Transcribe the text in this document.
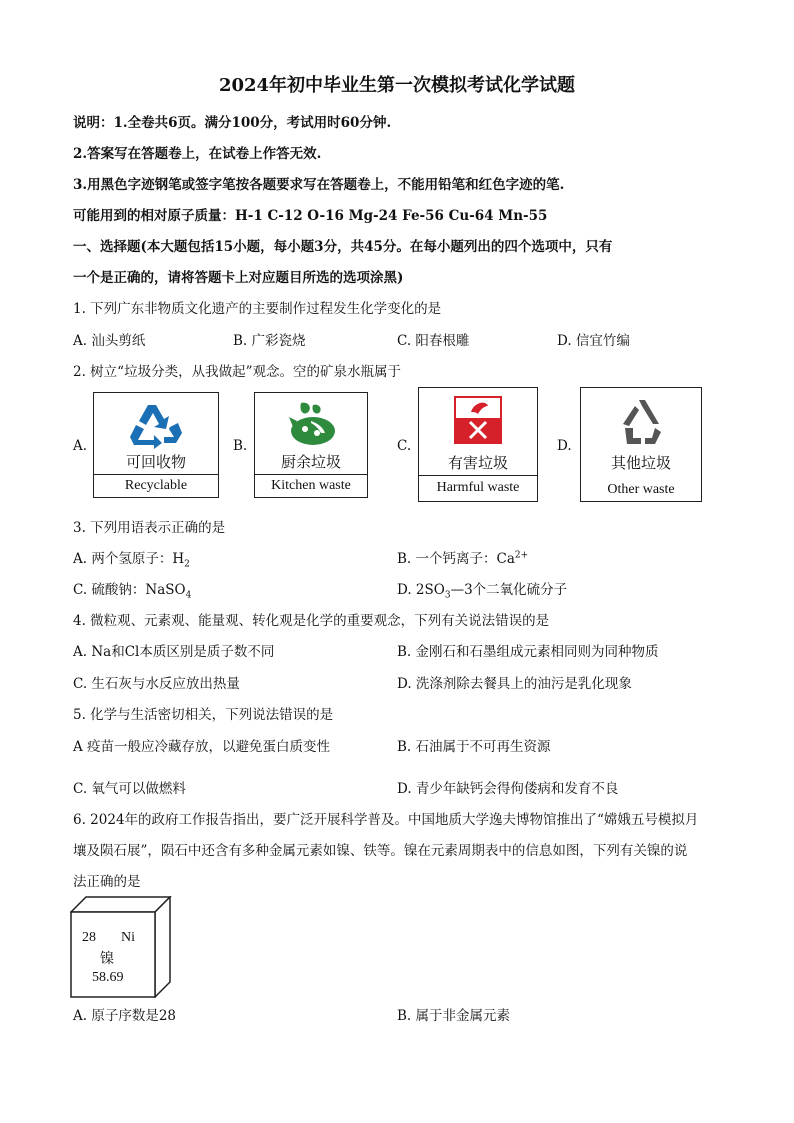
2024年初中毕业生第一次模拟考试化学试题
说明：1.全卷共6页。满分100分，考试用时60分钟.
2.答案写在答题卷上，在试卷上作答无效.
3.用黑色字迹钢笔或签字笔按各题要求写在答题卷上，不能用铅笔和红色字迹的笔.
可能用到的相对原子质量：H-1 C-12 O-16 Mg-24 Fe-56 Cu-64 Mn-55
一、选择题(本大题包括15小题，每小题3分，共45分。在每小题列出的四个选项中，只有
一个是正确的，请将答题卡上对应题目所选的选项涂黑)
1. 下列广东非物质文化遗产的主要制作过程发生化学变化的是
A. 汕头剪纸	B. 广彩瓷烧	C. 阳春根雕	D. 信宜竹编
2. 树立“垃圾分类，从我做起”观念。空的矿泉水瓶属于
A.	B.	C.	D.
可回收物
Recyclable
厨余垃圾
Kitchen waste
有害垃圾
Harmful waste
其他垃圾
Other waste
3. 下列用语表示正确的是
A. 两个氢原子：$H_2$	B. 一个钙离子：$Ca^{2+}$
C. 硫酸钠：NaSO$_4$	D. $2SO_3—3$个二氧化硫分子
4. 微粒观、元素观、能量观、转化观是化学的重要观念，下列有关说法错误的是
A. Na和Cl本质区别是质子数不同	B. 金刚石和石墨组成元素相同则为同种物质
C. 生石灰与水反应放出热量	D. 洗涤剂除去餐具上的油污是乳化现象
5. 化学与生活密切相关，下列说法错误的是
A 疫苗一般应冷藏存放，以避免蛋白质变性	B. 石油属于不可再生资源
C. 氧气可以做燃料	D. 青少年缺钙会得佝偻病和发育不良
6. 2024年的政府工作报告指出，要广泛开展科学普及。中国地质大学逸夫博物馆推出了“嫦娥五号模拟月
壤及陨石展”，陨石中还含有多种金属元素如镍、铁等。镍在元素周期表中的信息如图，下列有关镍的说
法正确的是
28 Ni
镍
58.69
A. 原子序数是28	B. 属于非金属元素
